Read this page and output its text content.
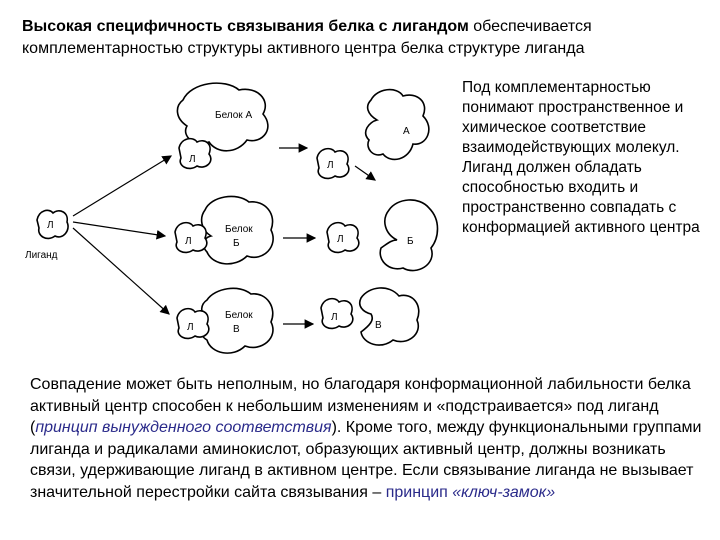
Высокая специфичность связывания белка с лигандом обеспечивается комплементарностью структуры активного центра белка структуре лиганда
Лиганд
Л
Белок А
Л
А
Л
Белок
Б
Л	Б
Л
Белок
В
Л	В
Л
Под комплементарностью понимают пространственное и химическое соответствие взаимодействующих молекул. Лиганд должен обладать способностью входить и пространственно совпадать с конформацией активного центра
Совпадение может быть неполным, но благодаря конформационной лабильности белка активный центр способен к небольшим изменениям и «подстраивается» под лиганд (принцип вынужденного соответствия). Кроме того, между функциональными группами лиганда и радикалами аминокислот, образующих активный центр, должны возникать связи, удерживающие лиганд в активном центре. Если связывание лиганда не вызывает значительной перестройки сайта связывания – принцип «ключ-замок»
